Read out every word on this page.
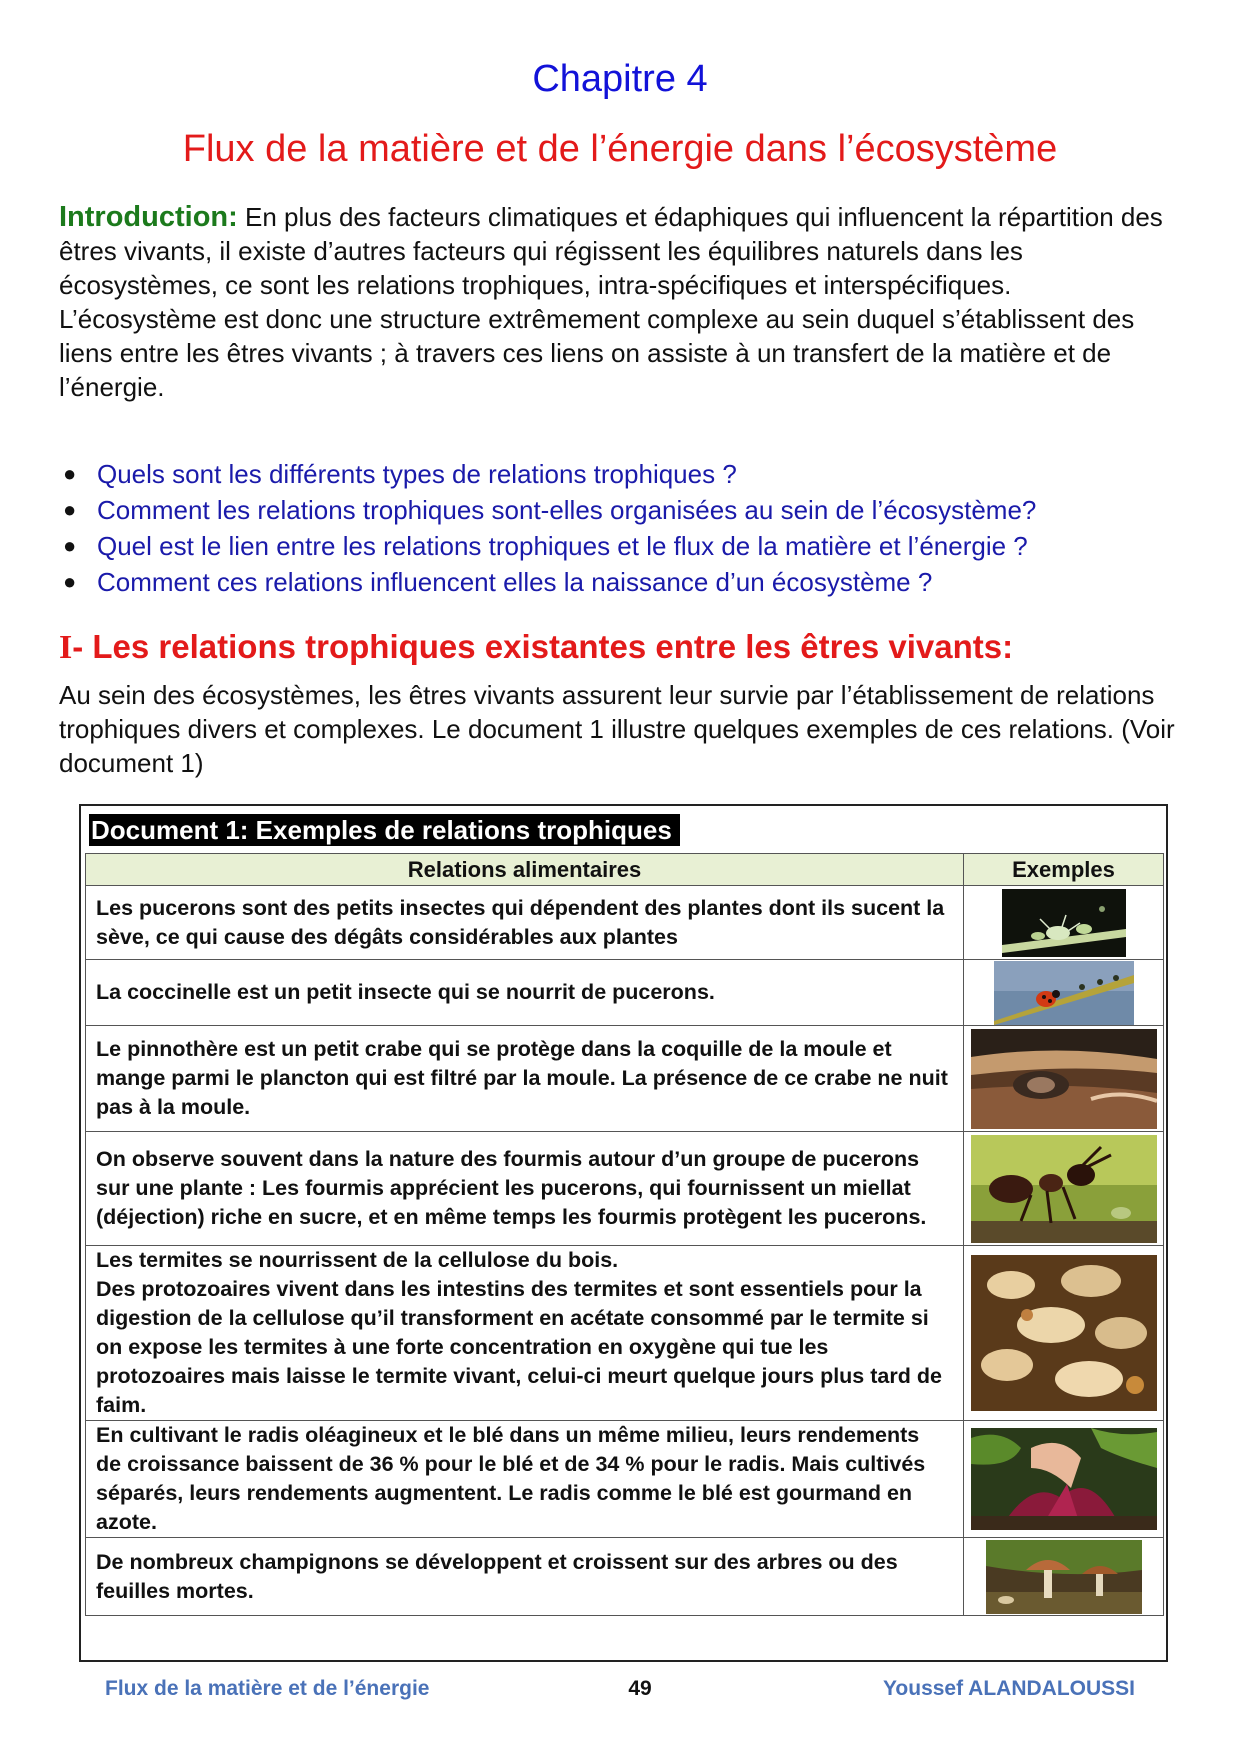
Chapitre 4
Flux de la matière et de l’énergie dans l’écosystème
Introduction: En plus des facteurs climatiques et édaphiques qui influencent la répartition des êtres vivants, il existe d’autres facteurs qui régissent les équilibres naturels dans les écosystèmes, ce sont les relations trophiques, intra-spécifiques et interspécifiques.
L’écosystème est donc une structure extrêmement complexe au sein duquel s’établissent des liens entre les êtres vivants ; à travers ces liens on assiste à un transfert de la matière et de l’énergie.
● Quels sont les différents types de relations trophiques ?
● Comment les relations trophiques sont-elles organisées au sein de l’écosystème?
● Quel est le lien entre les relations trophiques et le flux de la matière et l’énergie ?
● Comment ces relations influencent elles la naissance d’un écosystème ?
I- Les relations trophiques existantes entre les êtres vivants:
Au sein des écosystèmes, les êtres vivants assurent leur survie par l’établissement de relations trophiques divers et complexes. Le document 1 illustre quelques exemples de ces relations. (Voir document 1)
Document 1: Exemples de relations trophiques
Relations alimentaires	Exemples
Les pucerons sont des petits insectes qui dépendent des plantes dont ils sucent la sève, ce qui cause des dégâts considérables aux plantes	
La coccinelle est un petit insecte qui se nourrit de pucerons.	
Le pinnothère est un petit crabe qui se protège dans la coquille de la moule et mange parmi le plancton qui est filtré par la moule. La présence de ce crabe ne nuit pas à la moule.	
On observe souvent dans la nature des fourmis autour d’un groupe de pucerons sur une plante : Les fourmis apprécient les pucerons, qui fournissent un miellat (déjection) riche en sucre, et en même temps les fourmis protègent les pucerons.	
Les termites se nourrissent de la cellulose du bois.
Des protozoaires vivent dans les intestins des termites et sont essentiels pour la digestion de la cellulose qu’il transforment en acétate consommé par le termite si on expose les termites à une forte concentration en oxygène qui tue les protozoaires mais laisse le termite vivant, celui-ci meurt quelque jours plus tard de faim.	
En cultivant le radis oléagineux et le blé dans un même milieu, leurs rendements de croissance baissent de 36 % pour le blé et de 34 % pour le radis. Mais cultivés séparés, leurs rendements augmentent. Le radis comme le blé est gourmand en azote.	
De nombreux champignons se développent et croissent sur des arbres ou des feuilles mortes.	
Flux de la matière et de l’énergie	49	Youssef ALANDALOUSSI
